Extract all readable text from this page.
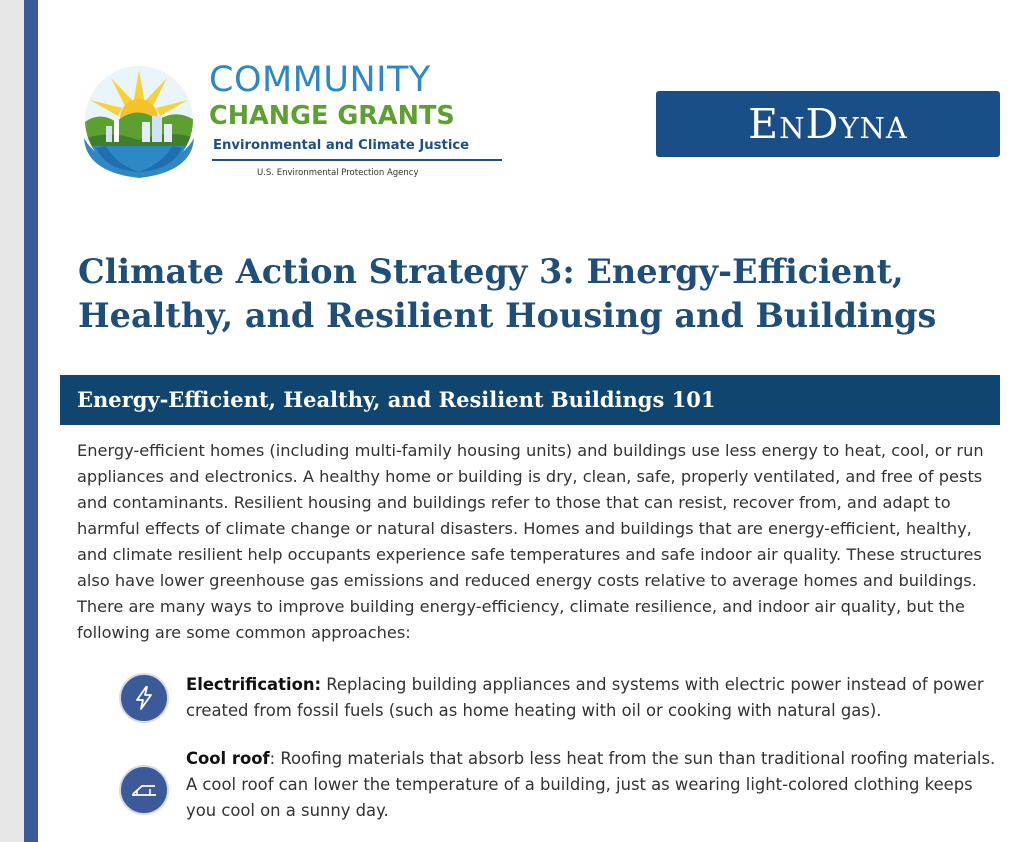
COMMUNITY
CHANGE GRANTS
Environmental and Climate Justice
U.S. Environmental Protection Agency
EnDyna
Climate Action Strategy 3: Energy-Efficient, Healthy, and Resilient Housing and Buildings
Energy-Efficient, Healthy, and Resilient Buildings 101

Energy-efficient homes (including multi-family housing units) and buildings use less energy to heat, cool, or run appliances and electronics. A healthy home or building is dry, clean, safe, properly ventilated, and free of pests and contaminants. Resilient housing and buildings refer to those that can resist, recover from, and adapt to harmful effects of climate change or natural disasters. Homes and buildings that are energy-efficient, healthy, and climate resilient help occupants experience safe temperatures and safe indoor air quality. These structures also have lower greenhouse gas emissions and reduced energy costs relative to average homes and buildings. There are many ways to improve building energy-efficiency, climate resilience, and indoor air quality, but the following are some common approaches:

Electrification: Replacing building appliances and systems with electric power instead of power created from fossil fuels (such as home heating with oil or cooking with natural gas).

Cool roof: Roofing materials that absorb less heat from the sun than traditional roofing materials. A cool roof can lower the temperature of a building, just as wearing light-colored clothing keeps you cool on a sunny day.
